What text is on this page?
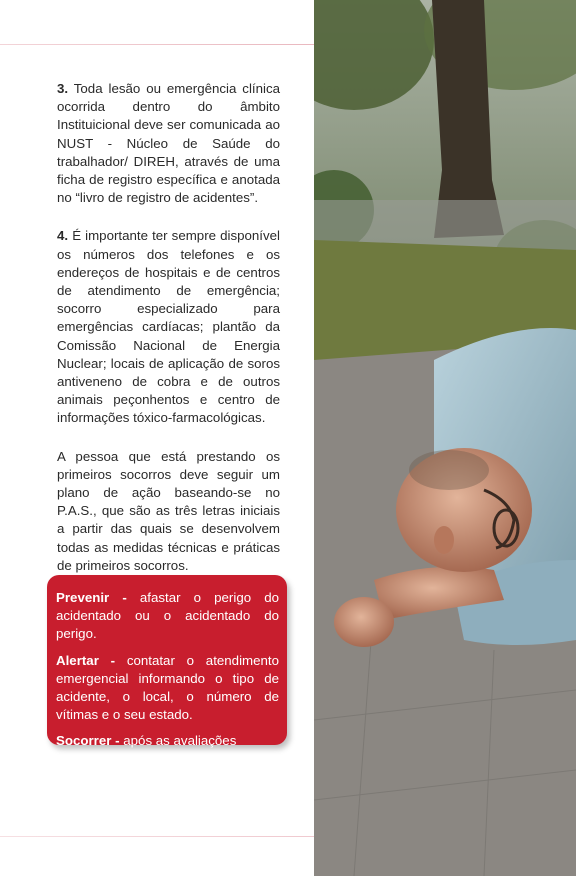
3. Toda lesão ou emergência clínica ocorrida dentro do âmbito Instituicional deve ser comunicada ao NUST - Núcleo de Saúde do trabalhador/ DIREH, através de uma ficha de registro específica e anotada no “livro de registro de acidentes”.

4. É importante ter sempre disponível os números dos telefones e os endereços de hospitais e de centros de atendimento de emergência; socorro especializado para emergências cardíacas; plantão da Comissão Nacional de Energia Nuclear; locais de aplicação de soros antiveneno de cobra e de outros animais peçonhentos e centro de informações tóxico-farmacológicas.

A pessoa que está prestando os primeiros socorros deve seguir um plano de ação baseando-se no P.A.S., que são as três letras iniciais a partir das quais se desenvolvem todas as medidas técnicas e práticas de primeiros socorros.

Prevenir - afastar o perigo do acidentado ou o acidentado do perigo.

Alertar - contatar o atendimento emergencial informando o tipo de acidente, o local, o número de vítimas e o seu estado.

Socorrer - após as avaliações
